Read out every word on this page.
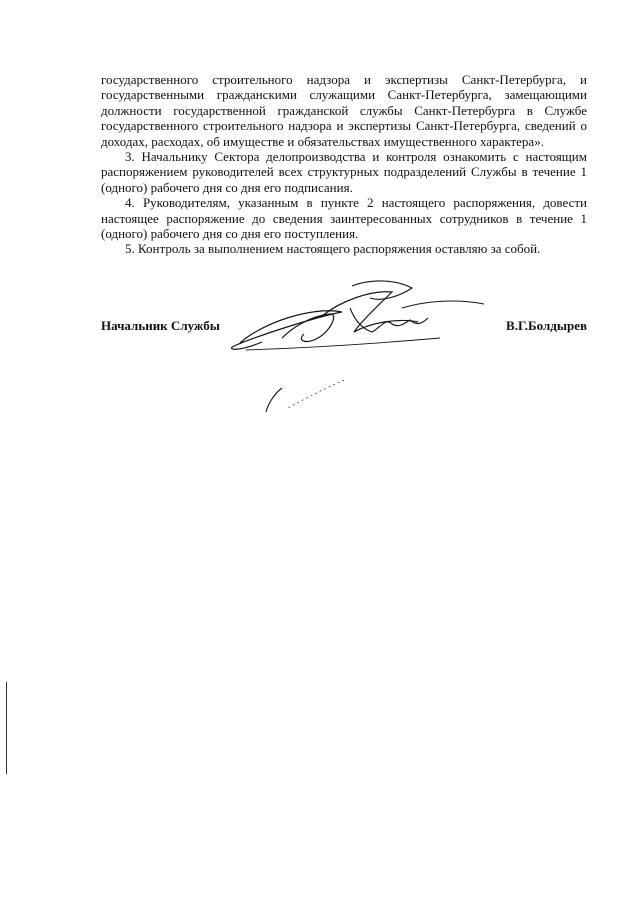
государственного строительного надзора и экспертизы Санкт-Петербурга, и государственными гражданскими служащими Санкт-Петербурга, замещающими должности государственной гражданской службы Санкт-Петербурга в Службе государственного строительного надзора и экспертизы Санкт-Петербурга, сведений о доходах, расходах, об имуществе и обязательствах имущественного характера».

3. Начальнику Сектора делопроизводства и контроля ознакомить с настоящим распоряжением руководителей всех структурных подразделений Службы в течение 1 (одного) рабочего дня со дня его подписания.

4. Руководителям, указанным в пункте 2 настоящего распоряжения, довести настоящее распоряжение до сведения заинтересованных сотрудников в течение 1 (одного) рабочего дня со дня его поступления.

5. Контроль за выполнением настоящего распоряжения оставляю за собой.

Начальник Службы	В.Г.Болдырев
